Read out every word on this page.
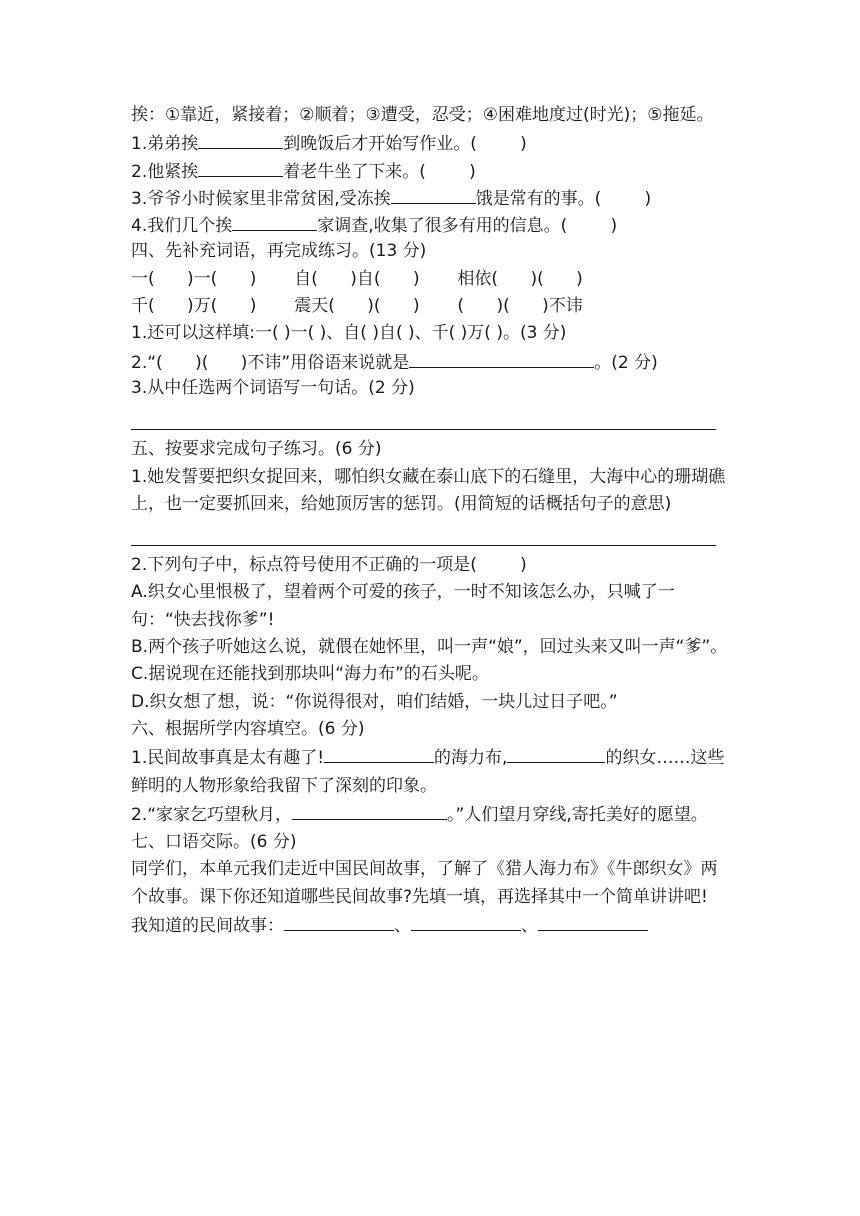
挨：①靠近，紧接着；②顺着；③遭受，忍受；④困难地度过(时光)；⑤拖延。
1.弟弟挨	到晚饭后才开始写作业。(        )
2.他紧挨	着老牛坐了下来。(        )
3.爷爷小时候家里非常贫困,受冻挨	饿是常有的事。(        )
4.我们几个挨	家调查,收集了很多有用的信息。(        )
四、先补充词语，再完成练习。(13 分)
一(      )一(      )       自(      )自(      )       相依(      )(      )
千(      )万(      )       震天(      )(      )       (      )(      )不讳
1.还可以这样填:一( )一( )、自( )自( )、千( )万( )。(3 分)
2.“(      )(      )不讳”用俗语来说就是	。(2 分)
3.从中任选两个词语写一句话。(2 分)
五、按要求完成句子练习。(6 分)
1.她发誓要把织女捉回来，哪怕织女藏在泰山底下的石缝里，大海中心的珊瑚礁上，也一定要抓回来，给她顶厉害的惩罚。(用简短的话概括句子的意思)
2.下列句子中，标点符号使用不正确的一项是(        )
A.织女心里恨极了，望着两个可爱的孩子，一时不知该怎么办，只喊了一句：“快去找你爹”!
B.两个孩子听她这么说，就偎在她怀里，叫一声“娘”，回过头来又叫一声“爹”。
C.据说现在还能找到那块叫“海力布”的石头呢。
D.织女想了想，说：“你说得很对，咱们结婚，一块儿过日子吧。”
六、根据所学内容填空。(6 分)
1.民间故事真是太有趣了!	的海力布,	的织女……这些鲜明的人物形象给我留下了深刻的印象。
2.“家家乞巧望秋月，	。”人们望月穿线,寄托美好的愿望。
七、口语交际。(6 分)
同学们，本单元我们走近中国民间故事，了解了《猎人海力布》《牛郎织女》两个故事。课下你还知道哪些民间故事?先填一填，再选择其中一个简单讲讲吧!
我知道的民间故事：	、	、
